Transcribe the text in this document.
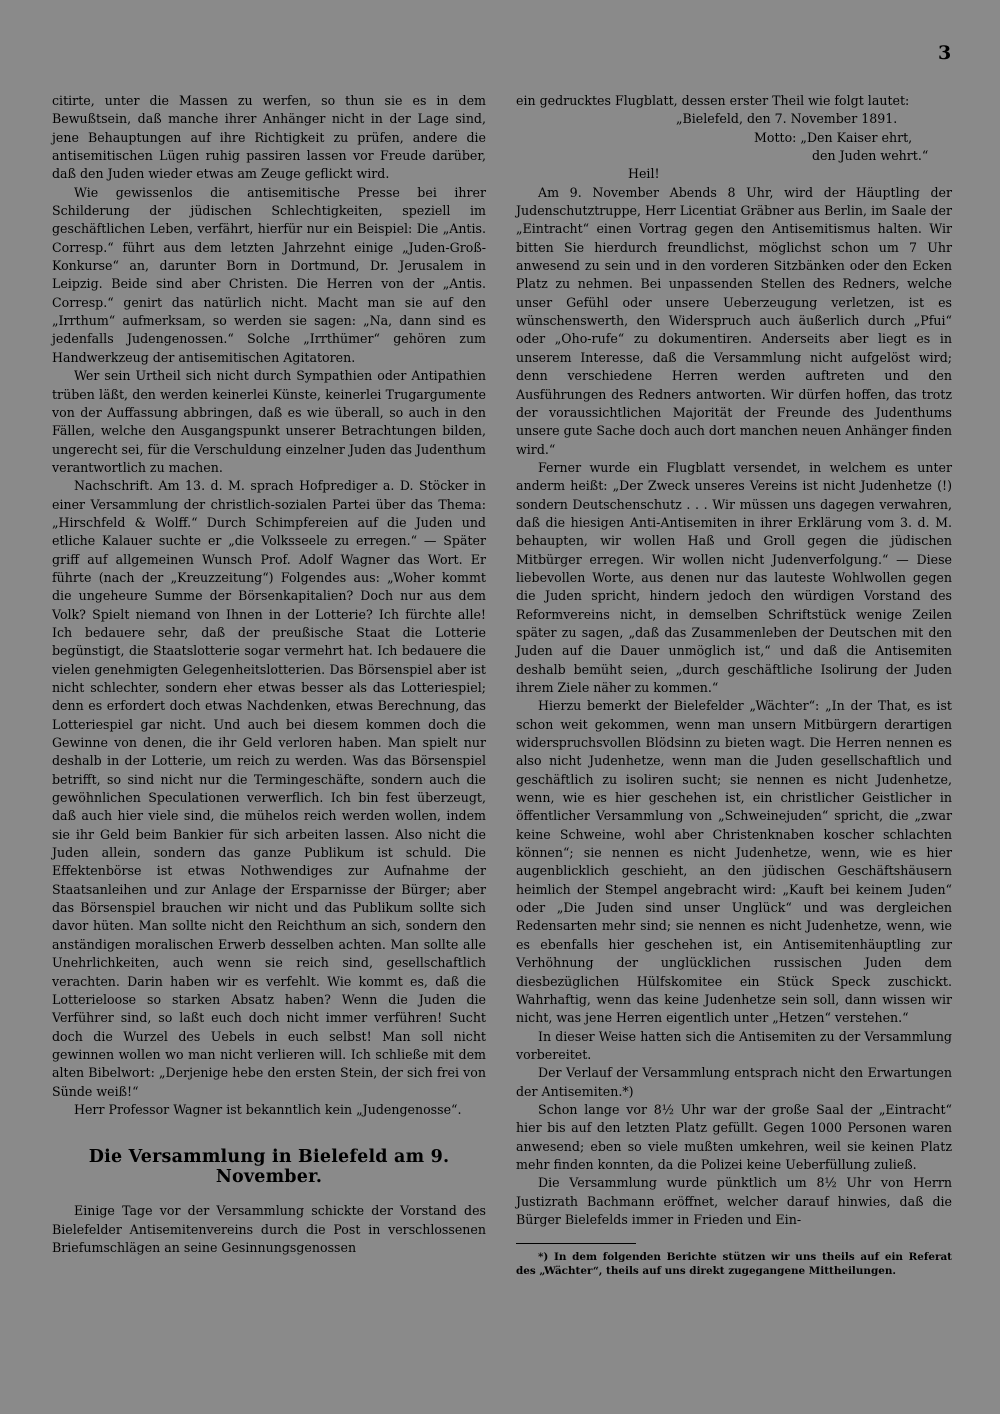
3

citirte, unter die Massen zu werfen, so thun sie es in dem Bewußtsein, daß manche ihrer Anhänger nicht in der Lage sind, jene Behauptungen auf ihre Richtigkeit zu prüfen, andere die antisemitischen Lügen ruhig passiren lassen vor Freude darüber, daß den Juden wieder etwas am Zeuge geflickt wird.

Wie gewissenlos die antisemitische Presse bei ihrer Schilderung der jüdischen Schlechtigkeiten, speziell im geschäftlichen Leben, verfährt, hierfür nur ein Beispiel: Die „Antis. Corresp.“ führt aus dem letzten Jahrzehnt einige „Juden-Groß-Konkurse“ an, darunter Born in Dortmund, Dr. Jerusalem in Leipzig. Beide sind aber Christen. Die Herren von der „Antis. Corresp.“ genirt das natürlich nicht. Macht man sie auf den „Irrthum“ aufmerksam, so werden sie sagen: „Na, dann sind es jedenfalls Judengenossen.“ Solche „Irrthümer“ gehören zum Handwerkzeug der antisemitischen Agitatoren.

Wer sein Urtheil sich nicht durch Sympathien oder Antipathien trüben läßt, den werden keinerlei Künste, keinerlei Trugargumente von der Auffassung abbringen, daß es wie überall, so auch in den Fällen, welche den Ausgangspunkt unserer Betrachtungen bilden, ungerecht sei, für die Verschuldung einzelner Juden das Judenthum verantwortlich zu machen.

Nachschrift. Am 13. d. M. sprach Hofprediger a. D. Stöcker in einer Versammlung der christlich-sozialen Partei über das Thema: „Hirschfeld & Wolff.“ Durch Schimpfereien auf die Juden und etliche Kalauer suchte er „die Volksseele zu erregen.“ — Später griff auf allgemeinen Wunsch Prof. Adolf Wagner das Wort. Er führte (nach der „Kreuzzeitung“) Folgendes aus: „Woher kommt die ungeheure Summe der Börsenkapitalien? Doch nur aus dem Volk? Spielt niemand von Ihnen in der Lotterie? Ich fürchte alle! Ich bedauere sehr, daß der preußische Staat die Lotterie begünstigt, die Staatslotterie sogar vermehrt hat. Ich bedauere die vielen genehmigten Gelegenheitslotterien. Das Börsenspiel aber ist nicht schlechter, sondern eher etwas besser als das Lotteriespiel; denn es erfordert doch etwas Nachdenken, etwas Berechnung, das Lotteriespiel gar nicht. Und auch bei diesem kommen doch die Gewinne von denen, die ihr Geld verloren haben. Man spielt nur deshalb in der Lotterie, um reich zu werden. Was das Börsenspiel betrifft, so sind nicht nur die Termingeschäfte, sondern auch die gewöhnlichen Speculationen verwerflich. Ich bin fest überzeugt, daß auch hier viele sind, die mühelos reich werden wollen, indem sie ihr Geld beim Bankier für sich arbeiten lassen. Also nicht die Juden allein, sondern das ganze Publikum ist schuld. Die Effektenbörse ist etwas Nothwendiges zur Aufnahme der Staatsanleihen und zur Anlage der Ersparnisse der Bürger; aber das Börsenspiel brauchen wir nicht und das Publikum sollte sich davor hüten. Man sollte nicht den Reichthum an sich, sondern den anständigen moralischen Erwerb desselben achten. Man sollte alle Unehrlichkeiten, auch wenn sie reich sind, gesellschaftlich verachten. Darin haben wir es verfehlt. Wie kommt es, daß die Lotterieloose so starken Absatz haben? Wenn die Juden die Verführer sind, so laßt euch doch nicht immer verführen! Sucht doch die Wurzel des Uebels in euch selbst! Man soll nicht gewinnen wollen wo man nicht verlieren will. Ich schließe mit dem alten Bibelwort: „Derjenige hebe den ersten Stein, der sich frei von Sünde weiß!“

Herr Professor Wagner ist bekanntlich kein „Judengenosse“.

Die Versammlung in Bielefeld am 9. November.

Einige Tage vor der Versammlung schickte der Vorstand des Bielefelder Antisemitenvereins durch die Post in verschlossenen Briefumschlägen an seine Gesinnungsgenossen

ein gedrucktes Flugblatt, dessen erster Theil wie folgt lautet:

„Bielefeld, den 7. November 1891.
Motto: „Den Kaiser ehrt,
den Juden wehrt.“
Heil!

Am 9. November Abends 8 Uhr, wird der Häuptling der Judenschutztruppe, Herr Licentiat Gräbner aus Berlin, im Saale der „Eintracht“ einen Vortrag gegen den Antisemitismus halten. Wir bitten Sie hierdurch freundlichst, möglichst schon um 7 Uhr anwesend zu sein und in den vorderen Sitzbänken oder den Ecken Platz zu nehmen. Bei unpassenden Stellen des Redners, welche unser Gefühl oder unsere Ueberzeugung verletzen, ist es wünschenswerth, den Widerspruch auch äußerlich durch „Pfui“ oder „Oho-rufe“ zu dokumentiren. Anderseits aber liegt es in unserem Interesse, daß die Versammlung nicht aufgelöst wird; denn verschiedene Herren werden auftreten und den Ausführungen des Redners antworten. Wir dürfen hoffen, das trotz der voraussichtlichen Majorität der Freunde des Judenthums unsere gute Sache doch auch dort manchen neuen Anhänger finden wird.“

Ferner wurde ein Flugblatt versendet, in welchem es unter anderm heißt: „Der Zweck unseres Vereins ist nicht Judenhetze (!) sondern Deutschenschutz . . . Wir müssen uns dagegen verwahren, daß die hiesigen Anti-Antisemiten in ihrer Erklärung vom 3. d. M. behaupten, wir wollen Haß und Groll gegen die jüdischen Mitbürger erregen. Wir wollen nicht Judenverfolgung.“ — Diese liebevollen Worte, aus denen nur das lauteste Wohlwollen gegen die Juden spricht, hindern jedoch den würdigen Vorstand des Reformvereins nicht, in demselben Schriftstück wenige Zeilen später zu sagen, „daß das Zusammenleben der Deutschen mit den Juden auf die Dauer unmöglich ist,“ und daß die Antisemiten deshalb bemüht seien, „durch geschäftliche Isolirung der Juden ihrem Ziele näher zu kommen.“

Hierzu bemerkt der Bielefelder „Wächter“: „In der That, es ist schon weit gekommen, wenn man unsern Mitbürgern derartigen widerspruchsvollen Blödsinn zu bieten wagt. Die Herren nennen es also nicht Judenhetze, wenn man die Juden gesellschaftlich und geschäftlich zu isoliren sucht; sie nennen es nicht Judenhetze, wenn, wie es hier geschehen ist, ein christlicher Geistlicher in öffentlicher Versammlung von „Schweinejuden“ spricht, die „zwar keine Schweine, wohl aber Christenknaben koscher schlachten können“; sie nennen es nicht Judenhetze, wenn, wie es hier augenblicklich geschieht, an den jüdischen Geschäftshäusern heimlich der Stempel angebracht wird: „Kauft bei keinem Juden“ oder „Die Juden sind unser Unglück“ und was dergleichen Redensarten mehr sind; sie nennen es nicht Judenhetze, wenn, wie es ebenfalls hier geschehen ist, ein Antisemitenhäuptling zur Verhöhnung der unglücklichen russischen Juden dem diesbezüglichen Hülfskomitee ein Stück Speck zuschickt. Wahrhaftig, wenn das keine Judenhetze sein soll, dann wissen wir nicht, was jene Herren eigentlich unter „Hetzen“ verstehen.“

In dieser Weise hatten sich die Antisemiten zu der Versammlung vorbereitet.

Der Verlauf der Versammlung entsprach nicht den Erwartungen der Antisemiten.*)

Schon lange vor 8½ Uhr war der große Saal der „Eintracht“ hier bis auf den letzten Platz gefüllt. Gegen 1000 Personen waren anwesend; eben so viele mußten umkehren, weil sie keinen Platz mehr finden konnten, da die Polizei keine Ueberfüllung zuließ.

Die Versammlung wurde pünktlich um 8½ Uhr von Herrn Justizrath Bachmann eröffnet, welcher darauf hinwies, daß die Bürger Bielefelds immer in Frieden und Ein-

*) In dem folgenden Berichte stützen wir uns theils auf ein Referat des „Wächter“, theils auf uns direkt zugegangene Mittheilungen.
